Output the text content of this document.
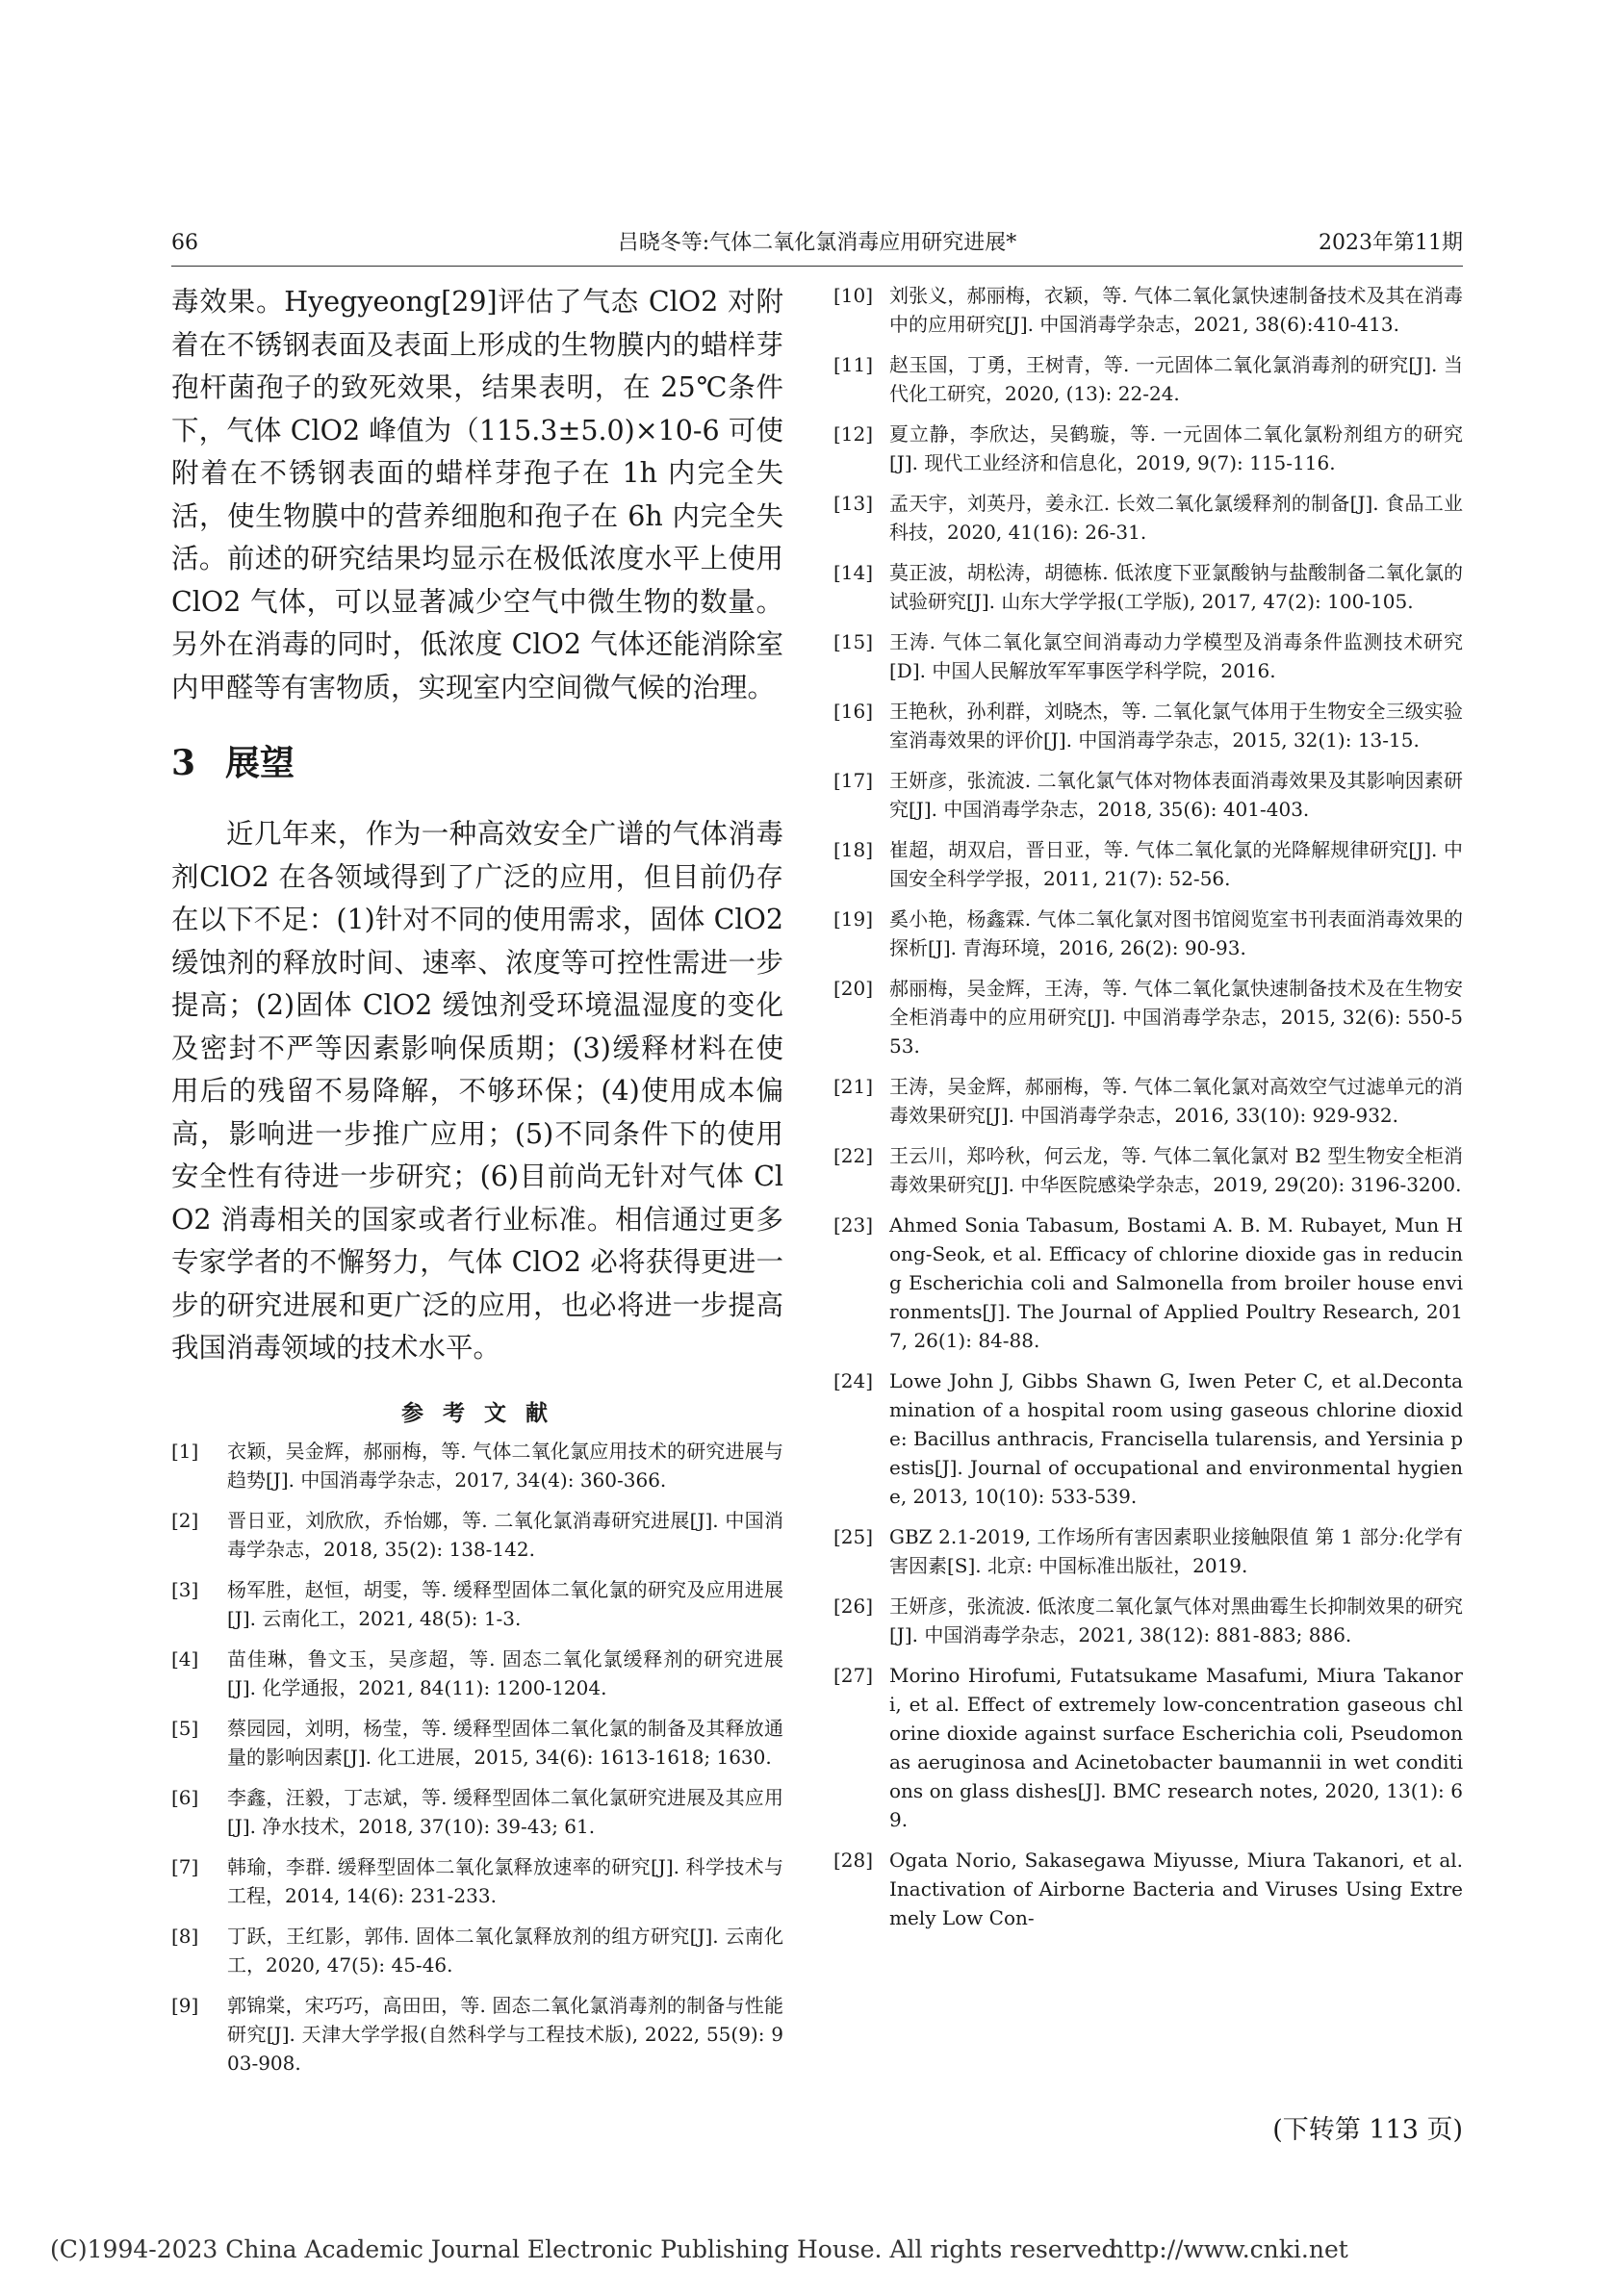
66	吕晓冬等:气体二氧化氯消毒应用研究进展*	2023年第11期

毒效果。Hyegyeong[29]评估了气态 ClO2 对附着在不锈钢表面及表面上形成的生物膜内的蜡样芽孢杆菌孢子的致死效果，结果表明，在 25℃条件下，气体 ClO2 峰值为（115.3±5.0)×10-6 可使附着在不锈钢表面的蜡样芽孢子在 1h 内完全失活，使生物膜中的营养细胞和孢子在 6h 内完全失活。前述的研究结果均显示在极低浓度水平上使用 ClO2 气体，可以显著减少空气中微生物的数量。另外在消毒的同时，低浓度 ClO2 气体还能消除室内甲醛等有害物质，实现室内空间微气候的治理。

3 展望

近几年来，作为一种高效安全广谱的气体消毒剂ClO2 在各领域得到了广泛的应用，但目前仍存在以下不足：(1)针对不同的使用需求，固体 ClO2 缓蚀剂的释放时间、速率、浓度等可控性需进一步提高；(2)固体 ClO2 缓蚀剂受环境温湿度的变化及密封不严等因素影响保质期；(3)缓释材料在使用后的残留不易降解，不够环保；(4)使用成本偏高，影响进一步推广应用；(5)不同条件下的使用安全性有待进一步研究；(6)目前尚无针对气体 ClO2 消毒相关的国家或者行业标准。相信通过更多专家学者的不懈努力，气体 ClO2 必将获得更进一步的研究进展和更广泛的应用，也必将进一步提高我国消毒领域的技术水平。

参 考 文 献
[1]	衣颖，吴金辉，郝丽梅，等. 气体二氧化氯应用技术的研究进展与趋势[J]. 中国消毒学杂志，2017, 34(4): 360-366.
[2]	晋日亚，刘欣欣，乔怡娜，等. 二氧化氯消毒研究进展[J]. 中国消毒学杂志，2018, 35(2): 138-142.
[3]	杨军胜，赵恒，胡雯，等. 缓释型固体二氧化氯的研究及应用进展[J]. 云南化工，2021, 48(5): 1-3.
[4]	苗佳琳，鲁文玉，吴彦超，等. 固态二氧化氯缓释剂的研究进展[J]. 化学通报，2021, 84(11): 1200-1204.
[5]	蔡园园，刘明，杨莹，等. 缓释型固体二氧化氯的制备及其释放通量的影响因素[J]. 化工进展，2015, 34(6): 1613-1618; 1630.
[6]	李鑫，汪毅，丁志斌，等. 缓释型固体二氧化氯研究进展及其应用[J]. 净水技术，2018, 37(10): 39-43; 61.
[7]	韩瑜，李群. 缓释型固体二氧化氯释放速率的研究[J]. 科学技术与工程，2014, 14(6): 231-233.
[8]	丁跃，王红影，郭伟. 固体二氧化氯释放剂的组方研究[J]. 云南化工，2020, 47(5): 45-46.
[9]	郭锦棠，宋巧巧，高田田，等. 固态二氧化氯消毒剂的制备与性能研究[J]. 天津大学学报(自然科学与工程技术版), 2022, 55(9): 903-908.
[10] 刘张义，郝丽梅，衣颖，等. 气体二氧化氯快速制备技术及其在消毒中的应用研究[J]. 中国消毒学杂志，2021, 38(6):410-413.
[11] 赵玉国，丁勇，王树青，等. 一元固体二氧化氯消毒剂的研究[J]. 当代化工研究，2020, (13): 22-24.
[12] 夏立静，李欣达，吴鹤璇，等. 一元固体二氧化氯粉剂组方的研究[J]. 现代工业经济和信息化，2019, 9(7): 115-116.
[13] 孟天宇，刘英丹，姜永江. 长效二氧化氯缓释剂的制备[J]. 食品工业科技，2020, 41(16): 26-31.
[14] 莫正波，胡松涛，胡德栋. 低浓度下亚氯酸钠与盐酸制备二氧化氯的试验研究[J]. 山东大学学报(工学版), 2017, 47(2): 100-105.
[15] 王涛. 气体二氧化氯空间消毒动力学模型及消毒条件监测技术研究[D]. 中国人民解放军军事医学科学院，2016.
[16] 王艳秋，孙利群，刘晓杰，等. 二氧化氯气体用于生物安全三级实验室消毒效果的评价[J]. 中国消毒学杂志，2015, 32(1): 13-15.
[17] 王妍彦，张流波. 二氧化氯气体对物体表面消毒效果及其影响因素研究[J]. 中国消毒学杂志，2018, 35(6): 401-403.
[18] 崔超，胡双启，晋日亚，等. 气体二氧化氯的光降解规律研究[J]. 中国安全科学学报，2011, 21(7): 52-56.
[19] 奚小艳，杨鑫霖. 气体二氧化氯对图书馆阅览室书刊表面消毒效果的探析[J]. 青海环境，2016, 26(2): 90-93.
[20] 郝丽梅，吴金辉，王涛，等. 气体二氧化氯快速制备技术及在生物安全柜消毒中的应用研究[J]. 中国消毒学杂志，2015, 32(6): 550-553.
[21] 王涛，吴金辉，郝丽梅，等. 气体二氧化氯对高效空气过滤单元的消毒效果研究[J]. 中国消毒学杂志，2016, 33(10): 929-932.
[22] 王云川，郑吟秋，何云龙，等. 气体二氧化氯对 B2 型生物安全柜消毒效果研究[J]. 中华医院感染学杂志，2019, 29(20): 3196-3200.
[23] Ahmed Sonia Tabasum, Bostami A. B. M. Rubayet, Mun Hong-Seok, et al. Efficacy of chlorine dioxide gas in reducing Escherichia coli and Salmonella from broiler house environments[J]. The Journal of Applied Poultry Research, 2017, 26(1): 84-88.
[24] Lowe John J, Gibbs Shawn G, Iwen Peter C, et al.Decontamination of a hospital room using gaseous chlorine dioxide: Bacillus anthracis, Francisella tularensis, and Yersinia pestis[J]. Journal of occupational and environmental hygiene, 2013, 10(10): 533-539.
[25] GBZ 2.1-2019, 工作场所有害因素职业接触限值 第 1 部分:化学有害因素[S]. 北京: 中国标准出版社，2019.
[26] 王妍彦，张流波. 低浓度二氧化氯气体对黑曲霉生长抑制效果的研究[J]. 中国消毒学杂志，2021, 38(12): 881-883; 886.
[27] Morino Hirofumi, Futatsukame Masafumi, Miura Takanori, et al. Effect of extremely low-concentration gaseous chlorine dioxide against surface Escherichia coli, Pseudomonas aeruginosa and Acinetobacter baumannii in wet conditions on glass dishes[J]. BMC research notes, 2020, 13(1): 69.
[28] Ogata Norio, Sakasegawa Miyusse, Miura Takanori, et al. Inactivation of Airborne Bacteria and Viruses Using Extremely Low Con-
(下转第 113 页)
(C)1994-2023 China Academic Journal Electronic Publishing House. All rights reserved.
http://www.cnki.net
